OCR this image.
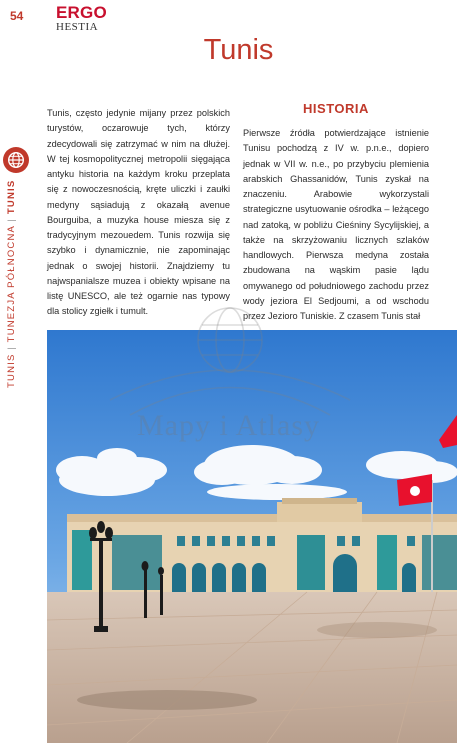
54 ERGO
HESTIA
Tunis
TUNIS | TUNEZJA PÓŁNOCNA | TUNIS

Tunis, często jedynie mijany przez polskich turystów, oczarowuje tych, którzy zdecydowali się zatrzymać w nim na dłużej. W tej kosmopolitycznej metropolii sięgająca antyku historia na każdym kroku przeplata się z nowoczesnością, kręte uliczki i zaułki medyny sąsiadują z okazałą avenue Bourguiba, a muzyka house miesza się z tradycyjnym mezouedem. Tunis rozwija się szybko i dynamicznie, nie zapominając jednak o swojej historii. Znajdziemy tu najwspanialsze muzea i obiekty wpisane na listę UNESCO, ale też ogarnie nas typowy dla stolicy zgiełk i tumult.

HISTORIA

Pierwsze źródła potwierdzające istnienie Tunisu pochodzą z IV w. p.n.e., dopiero jednak w VII w. n.e., po przybyciu plemienia arabskich Ghassanidów, Tunis zyskał na znaczeniu. Arabowie wykorzystali strategiczne usytuowanie ośrodka – leżącego nad zatoką, w pobliżu Cieśniny Sycylijskiej, a także na skrzyżowaniu licznych szlaków handlowych. Pierwsza medyna została zbudowana na wąskim pasie lądu omywanego od południowego zachodu przez wody jeziora El Sedjoumi, a od wschodu przez Jezioro Tuniskie. Z czasem Tunis stał

Mapy i Atlasy
